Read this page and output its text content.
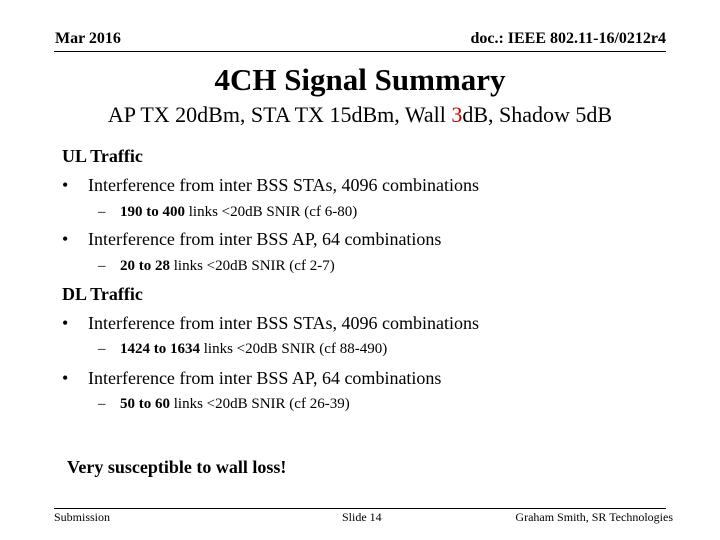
Mar 2016	doc.: IEEE 802.11-16/0212r4
4CH Signal Summary
AP TX 20dBm, STA TX 15dBm, Wall 3dB, Shadow 5dB
UL Traffic
• Interference from inter BSS STAs, 4096 combinations
– 190 to 400 links <20dB SNIR (cf 6-80)
• Interference from inter BSS AP, 64 combinations
– 20 to 28 links <20dB SNIR (cf 2-7)
DL Traffic
• Interference from inter BSS STAs, 4096 combinations
– 1424 to 1634 links <20dB SNIR (cf 88-490)
• Interference from inter BSS AP, 64 combinations
– 50 to 60 links <20dB SNIR (cf 26-39)
Very susceptible to wall loss!
Submission	Slide 14	Graham Smith, SR Technologies
